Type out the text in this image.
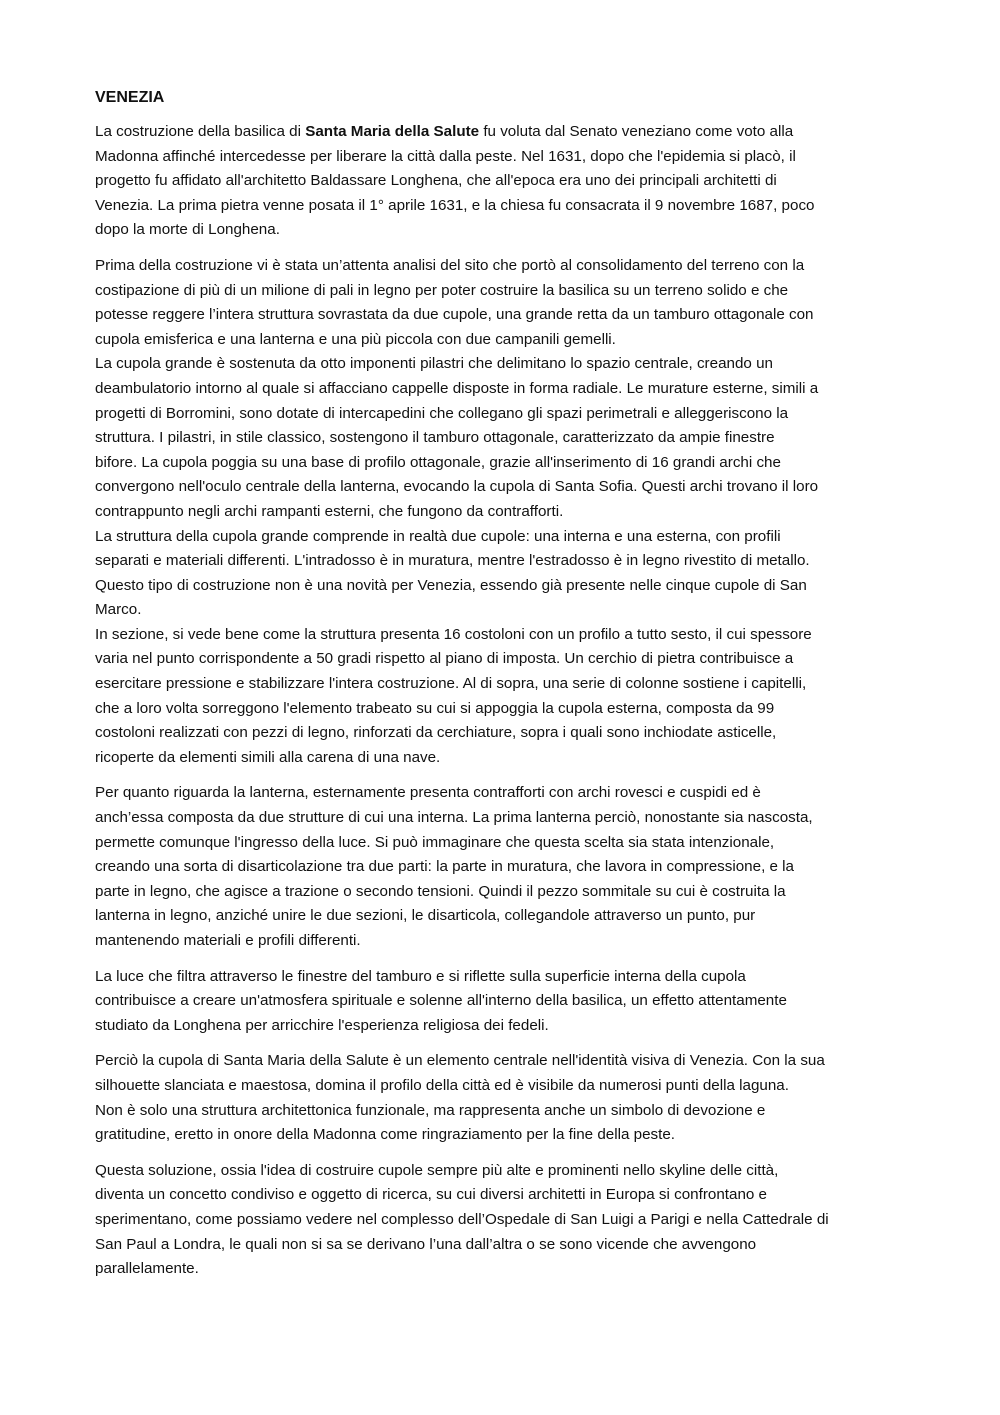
VENEZIA
La costruzione della basilica di Santa Maria della Salute fu voluta dal Senato veneziano come voto alla
Madonna affinché intercedesse per liberare la città dalla peste. Nel 1631, dopo che l'epidemia si placò, il
progetto fu affidato all'architetto Baldassare Longhena, che all'epoca era uno dei principali architetti di
Venezia. La prima pietra venne posata il 1° aprile 1631, e la chiesa fu consacrata il 9 novembre 1687, poco
dopo la morte di Longhena.
Prima della costruzione vi è stata un’attenta analisi del sito che portò al consolidamento del terreno con la
costipazione di più di un milione di pali in legno per poter costruire la basilica su un terreno solido e che
potesse reggere l’intera struttura sovrastata da due cupole, una grande retta da un tamburo ottagonale con
cupola emisferica e una lanterna e una più piccola con due campanili gemelli.
La cupola grande è sostenuta da otto imponenti pilastri che delimitano lo spazio centrale, creando un
deambulatorio intorno al quale si affacciano cappelle disposte in forma radiale. Le murature esterne, simili a
progetti di Borromini, sono dotate di intercapedini che collegano gli spazi perimetrali e alleggeriscono la
struttura. I pilastri, in stile classico, sostengono il tamburo ottagonale, caratterizzato da ampie finestre
bifore. La cupola poggia su una base di profilo ottagonale, grazie all'inserimento di 16 grandi archi che
convergono nell'oculo centrale della lanterna, evocando la cupola di Santa Sofia. Questi archi trovano il loro
contrappunto negli archi rampanti esterni, che fungono da contrafforti.
La struttura della cupola grande comprende in realtà due cupole: una interna e una esterna, con profili
separati e materiali differenti. L'intradosso è in muratura, mentre l'estradosso è in legno rivestito di metallo.
Questo tipo di costruzione non è una novità per Venezia, essendo già presente nelle cinque cupole di San
Marco.
In sezione, si vede bene come la struttura presenta 16 costoloni con un profilo a tutto sesto, il cui spessore
varia nel punto corrispondente a 50 gradi rispetto al piano di imposta. Un cerchio di pietra contribuisce a
esercitare pressione e stabilizzare l'intera costruzione. Al di sopra, una serie di colonne sostiene i capitelli,
che a loro volta sorreggono l'elemento trabeato su cui si appoggia la cupola esterna, composta da 99
costoloni realizzati con pezzi di legno, rinforzati da cerchiature, sopra i quali sono inchiodate asticelle,
ricoperte da elementi simili alla carena di una nave.
Per quanto riguarda la lanterna, esternamente presenta contrafforti con archi rovesci e cuspidi ed è
anch’essa composta da due strutture di cui una interna. La prima lanterna perciò, nonostante sia nascosta,
permette comunque l'ingresso della luce. Si può immaginare che questa scelta sia stata intenzionale,
creando una sorta di disarticolazione tra due parti: la parte in muratura, che lavora in compressione, e la
parte in legno, che agisce a trazione o secondo tensioni. Quindi il pezzo sommitale su cui è costruita la
lanterna in legno, anziché unire le due sezioni, le disarticola, collegandole attraverso un punto, pur
mantenendo materiali e profili differenti.
La luce che filtra attraverso le finestre del tamburo e si riflette sulla superficie interna della cupola
contribuisce a creare un'atmosfera spirituale e solenne all'interno della basilica, un effetto attentamente
studiato da Longhena per arricchire l'esperienza religiosa dei fedeli.
Perciò la cupola di Santa Maria della Salute è un elemento centrale nell'identità visiva di Venezia. Con la sua
silhouette slanciata e maestosa, domina il profilo della città ed è visibile da numerosi punti della laguna.
Non è solo una struttura architettonica funzionale, ma rappresenta anche un simbolo di devozione e
gratitudine, eretto in onore della Madonna come ringraziamento per la fine della peste.
Questa soluzione, ossia l'idea di costruire cupole sempre più alte e prominenti nello skyline delle città,
diventa un concetto condiviso e oggetto di ricerca, su cui diversi architetti in Europa si confrontano e
sperimentano, come possiamo vedere nel complesso dell’Ospedale di San Luigi a Parigi e nella Cattedrale di
San Paul a Londra, le quali non si sa se derivano l’una dall’altra o se sono vicende che avvengono
parallelamente.
